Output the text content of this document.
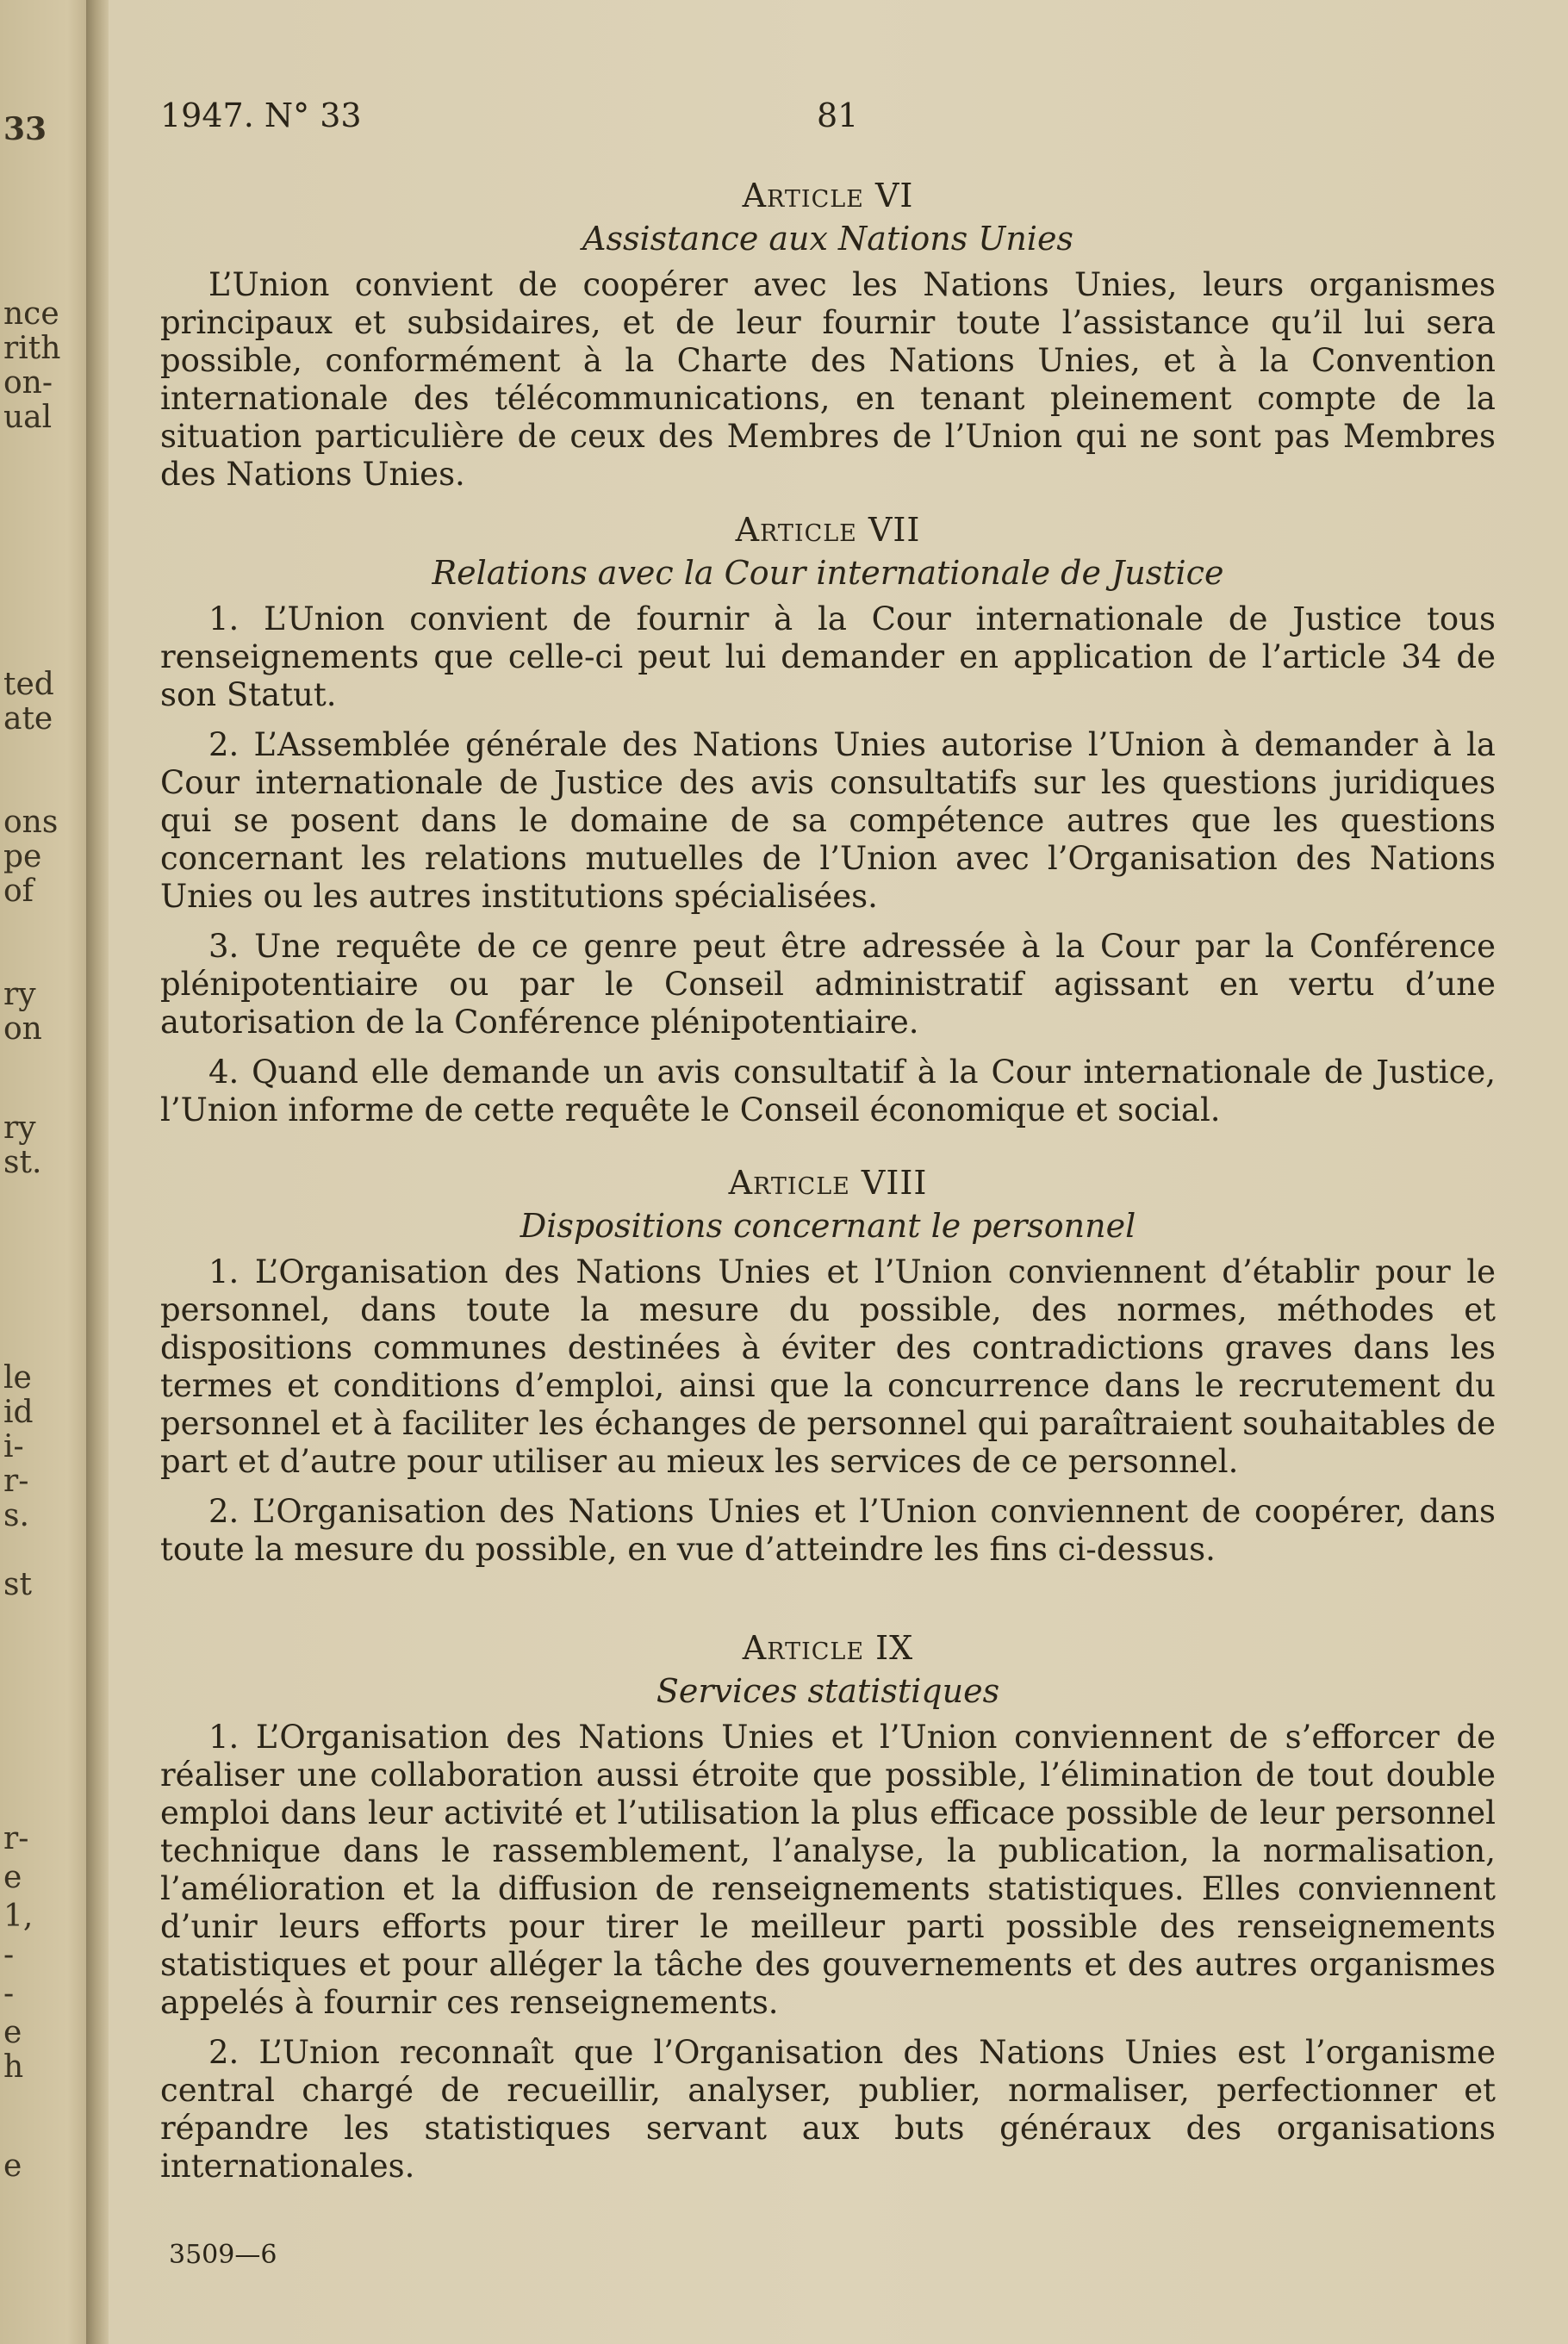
33
nce
rith
on-
ual
ted
ate
ons
pe
of
ry
on
ry
st.
le
id
i-
r-
s.
st
r-
e
1,
-
-
e
h
e
1947. N° 33	81

Article VI

Assistance aux Nations Unies

L’Union convient de coopérer avec les Nations Unies, leurs organismes principaux et subsidaires, et de leur fournir toute l’assistance qu’il lui sera possible, conformément à la Charte des Nations Unies, et à la Convention internationale des télécommunications, en tenant pleinement compte de la situation particulière de ceux des Membres de l’Union qui ne sont pas Membres des Nations Unies.

Article VII

Relations avec la Cour internationale de Justice

1. L’Union convient de fournir à la Cour internationale de Justice tous renseignements que celle-ci peut lui demander en application de l’article 34 de son Statut.

2. L’Assemblée générale des Nations Unies autorise l’Union à demander à la Cour internationale de Justice des avis consultatifs sur les questions juridiques qui se posent dans le domaine de sa compétence autres que les questions concernant les relations mutuelles de l’Union avec l’Organisation des Nations Unies ou les autres institutions spécialisées.

3. Une requête de ce genre peut être adressée à la Cour par la Conférence plénipotentiaire ou par le Conseil administratif agissant en vertu d’une autorisation de la Conférence plénipotentiaire.

4. Quand elle demande un avis consultatif à la Cour internationale de Justice, l’Union informe de cette requête le Conseil économique et social.

Article VIII

Dispositions concernant le personnel

1. L’Organisation des Nations Unies et l’Union conviennent d’établir pour le personnel, dans toute la mesure du possible, des normes, méthodes et dispositions communes destinées à éviter des contradictions graves dans les termes et conditions d’emploi, ainsi que la concurrence dans le recrutement du personnel et à faciliter les échanges de personnel qui paraîtraient souhaitables de part et d’autre pour utiliser au mieux les services de ce personnel.

2. L’Organisation des Nations Unies et l’Union conviennent de coopérer, dans toute la mesure du possible, en vue d’atteindre les fins ci-dessus.

Article IX

Services statistiques

1. L’Organisation des Nations Unies et l’Union conviennent de s’efforcer de réaliser une collaboration aussi étroite que possible, l’élimination de tout double emploi dans leur activité et l’utilisation la plus efficace possible de leur personnel technique dans le rassemblement, l’analyse, la publication, la normalisation, l’amélioration et la diffusion de renseignements statistiques. Elles conviennent d’unir leurs efforts pour tirer le meilleur parti possible des renseignements statistiques et pour alléger la tâche des gouvernements et des autres organismes appelés à fournir ces renseignements.

2. L’Union reconnaît que l’Organisation des Nations Unies est l’organisme central chargé de recueillir, analyser, publier, normaliser, perfectionner et répandre les statistiques servant aux buts généraux des organisations internationales.

3509—6
